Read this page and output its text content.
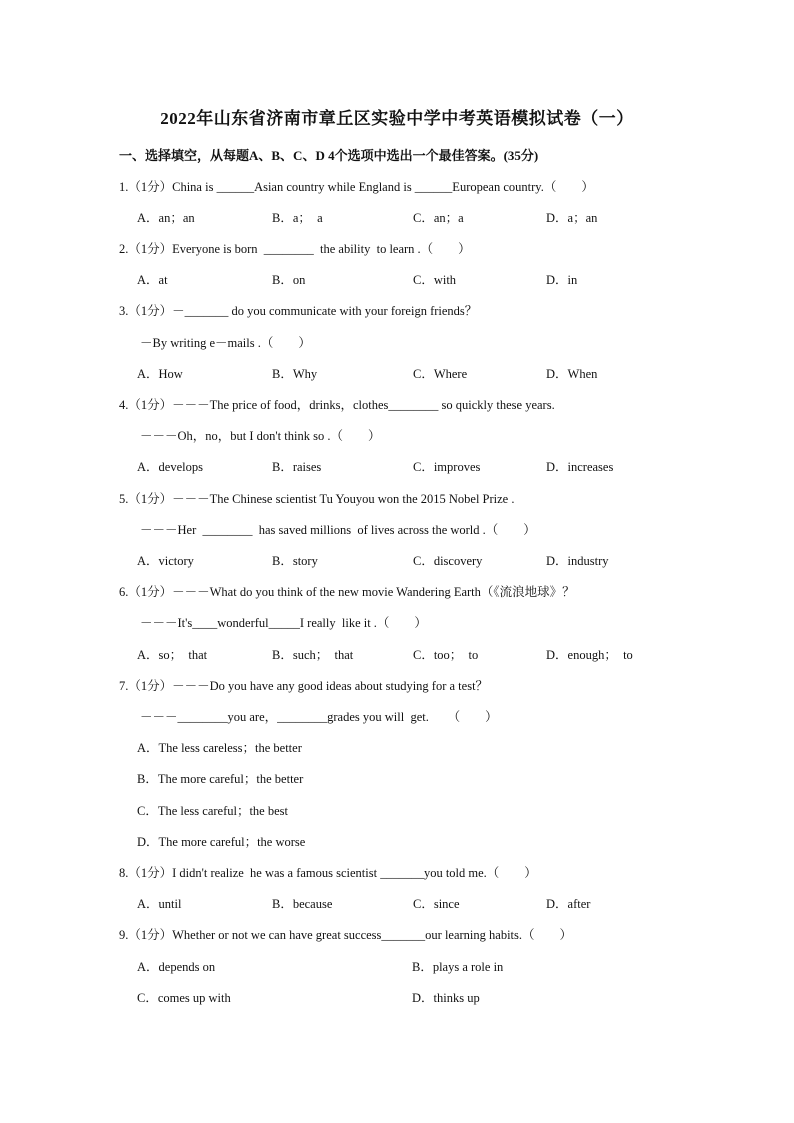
2022年山东省济南市章丘区实验中学中考英语模拟试卷（一）
一、选择填空，从每题A、B、C、D 4个选项中选出一个最佳答案。(35分)
1.（1分）China is ______Asian country while England is ______European country.（　　）
A．an；an	B．a；　a	C．an；a	D．a；an
2.（1分）Everyone is born  ________  the ability  to learn .（　　）
A．at	B．on	C．with	D．in
3.（1分）－_______ do you communicate with your foreign friends？
－By writing e－mails .（　　）
A．How	B．Why	C．Where	D．When
4.（1分）－－－The price of food，drinks，clothes________ so quickly these years.
－－－Oh，no，but I don't think so .（　　）
A．develops	B．raises	C．improves	D．increases
5.（1分）－－－The Chinese scientist Tu Youyou won the 2015 Nobel Prize .
－－－Her  ________  has saved millions  of lives across the world .（　　）
A．victory	B．story	C．discovery	D．industry
6.（1分）－－－What do you think of the new movie Wandering Earth（《流浪地球》？
－－－It's____wonderful_____I really  like it .（　　）
A．so；　that	B．such；　that	C．too；　to	D．enough；　to
7.（1分）－－－Do you have any good ideas about studying for a test？
－－－________you are，________grades you will  get.　　（　　）
A．The less careless；the better
B．The more careful；the better
C．The less careful；the best
D．The more careful；the worse
8.（1分）I didn't realize  he was a famous scientist _______you told me.（　　）
A．until	B．because	C．since	D．after
9.（1分）Whether or not we can have great success_______our learning habits.（　　）
A．depends on	B．plays a role in
C．comes up with	D．thinks up
